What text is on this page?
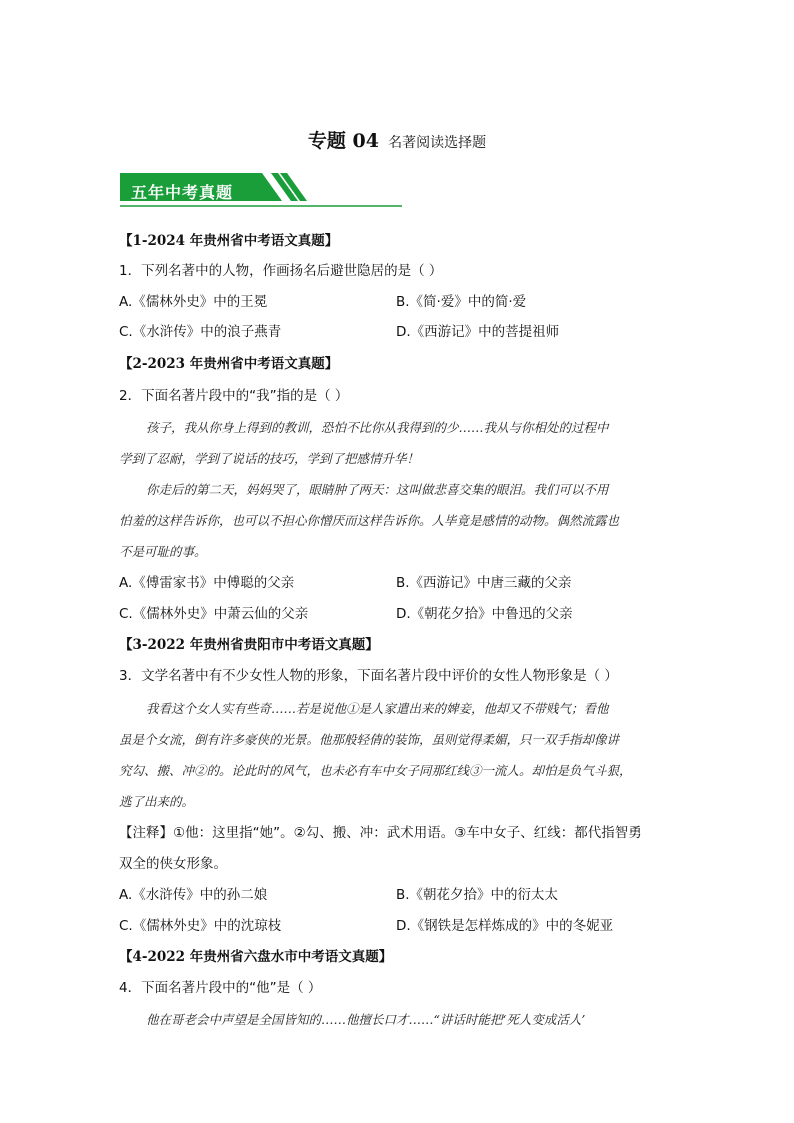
专题 04 名著阅读选择题
五年中考真题
【1-2024 年贵州省中考语文真题】
1．下列名著中的人物，作画扬名后避世隐居的是（ ）
A.《儒林外史》中的王冕	B.《简·爱》中的简·爱
C.《水浒传》中的浪子燕青	D.《西游记》中的菩提祖师
【2-2023 年贵州省中考语文真题】
2．下面名著片段中的“我”指的是（ ）
孩子，我从你身上得到的教训，恐怕不比你从我得到的少……我从与你相处的过程中
学到了忍耐，学到了说话的技巧，学到了把感情升华！
你走后的第二天，妈妈哭了，眼睛肿了两天：这叫做悲喜交集的眼泪。我们可以不用
怕羞的这样告诉你，也可以不担心你憎厌而这样告诉你。人毕竟是感情的动物。偶然流露也
不是可耻的事。
A.《傅雷家书》中傅聪的父亲	B.《西游记》中唐三藏的父亲
C.《儒林外史》中萧云仙的父亲	D.《朝花夕拾》中鲁迅的父亲
【3-2022 年贵州省贵阳市中考语文真题】
3．文学名著中有不少女性人物的形象，下面名著片段中评价的女性人物形象是（ ）
我看这个女人实有些奇……若是说他①是人家遣出来的婢妾，他却又不带贱气；看他
虽是个女流，倒有许多豪侠的光景。他那般轻倩的装饰，虽则觉得柔媚，只一双手指却像讲
究勾、搬、冲②的。论此时的风气，也未必有车中女子同那红线③一流人。却怕是负气斗狠，
逃了出来的。
【注释】①他：这里指“她”。②勾、搬、冲：武术用语。③车中女子、红线：都代指智勇
双全的侠女形象。
A.《水浒传》中的孙二娘	B.《朝花夕拾》中的衍太太
C.《儒林外史》中的沈琼枝	D.《钢铁是怎样炼成的》中的冬妮亚
【4-2022 年贵州省六盘水市中考语文真题】
4．下面名著片段中的“他”是（ ）
他在哥老会中声望是全国皆知的……他擅长口才……“讲话时能把‘死人变成活人’
